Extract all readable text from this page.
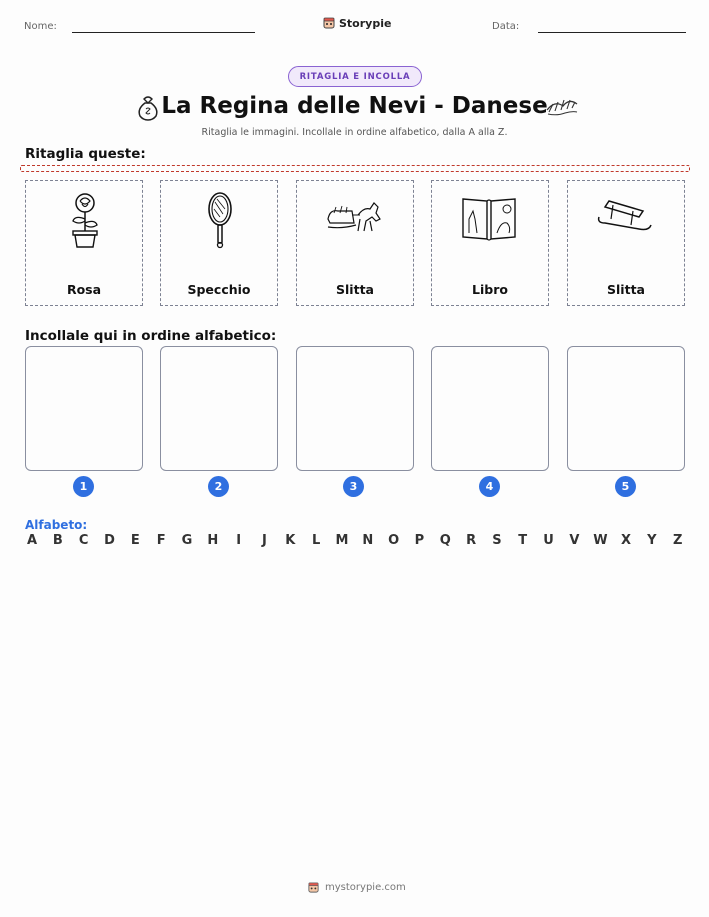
Nome:	Storypie	Data:
RITAGLIA E INCOLLA
La Regina delle Nevi - Danese
Ritaglia le immagini. Incollale in ordine alfabetico, dalla A alla Z.
Ritaglia queste:
Rosa	Specchio	Slitta	Libro	Slitta
Incollale qui in ordine alfabetico:
1	2	3	4	5
Alfabeto:
A B C D E F G H	I	J	K L M N O P Q R S T U V W X Y Z
mystorypie.com
